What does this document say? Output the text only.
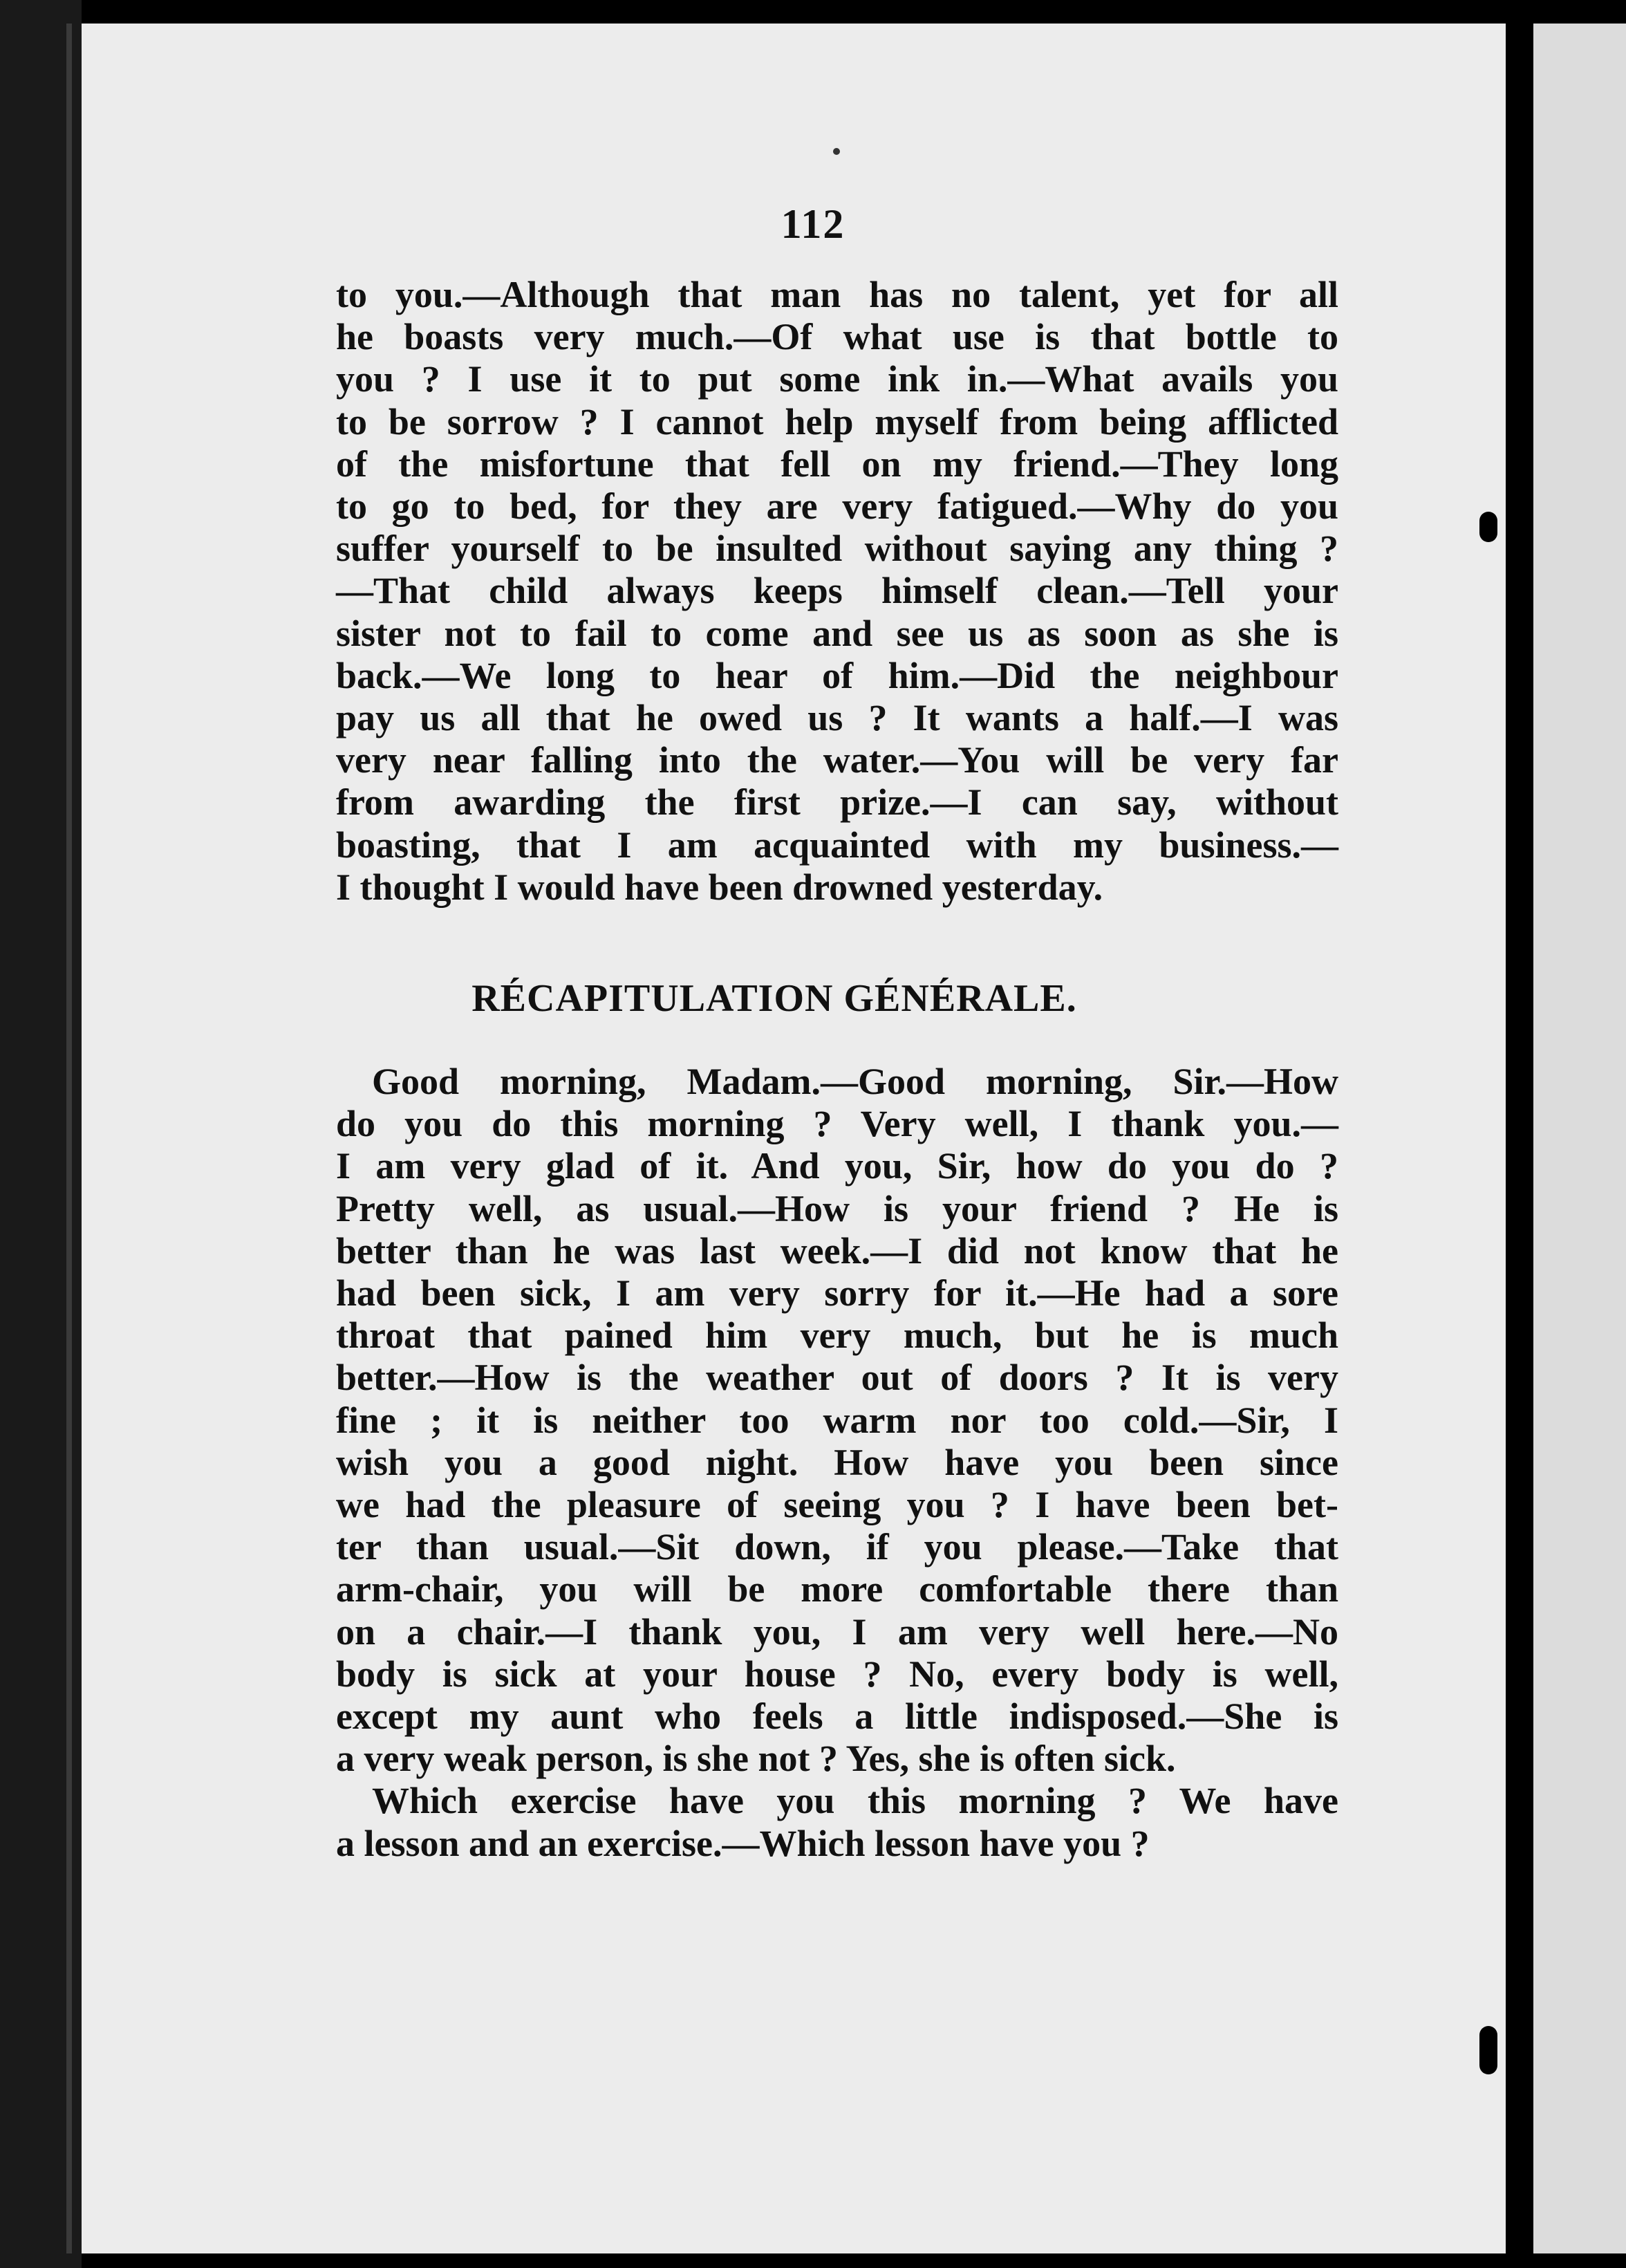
112
to you.—Although that man has no talent, yet for all
he boasts very much.—Of what use is that bottle to
you ? I use it to put some ink in.—What avails you
to be sorrow ? I cannot help myself from being afflicted
of the misfortune that fell on my friend.—They long
to go to bed, for they are very fatigued.—Why do you
suffer yourself to be insulted without saying any thing ?
—That child always keeps himself clean.—Tell your
sister not to fail to come and see us as soon as she is
back.—We long to hear of him.—Did the neighbour
pay us all that he owed us ? It wants a half.—I was
very near falling into the water.—You will be very far
from awarding the first prize.—I can say, without
boasting, that I am acquainted with my business.—
I thought I would have been drowned yesterday.
RÉCAPITULATION GÉNÉRALE.
Good morning, Madam.—Good morning, Sir.—How
do you do this morning ? Very well, I thank you.—
I am very glad of it. And you, Sir, how do you do ?
Pretty well, as usual.—How is your friend ? He is
better than he was last week.—I did not know that he
had been sick, I am very sorry for it.—He had a sore
throat that pained him very much, but he is much
better.—How is the weather out of doors ? It is very
fine ; it is neither too warm nor too cold.—Sir, I
wish you a good night. How have you been since
we had the pleasure of seeing you ? I have been bet-
ter than usual.—Sit down, if you please.—Take that
arm-chair, you will be more comfortable there than
on a chair.—I thank you, I am very well here.—No
body is sick at your house ? No, every body is well,
except my aunt who feels a little indisposed.—She is
a very weak person, is she not ? Yes, she is often sick.
Which exercise have you this morning ? We have
a lesson and an exercise.—Which lesson have you ?
